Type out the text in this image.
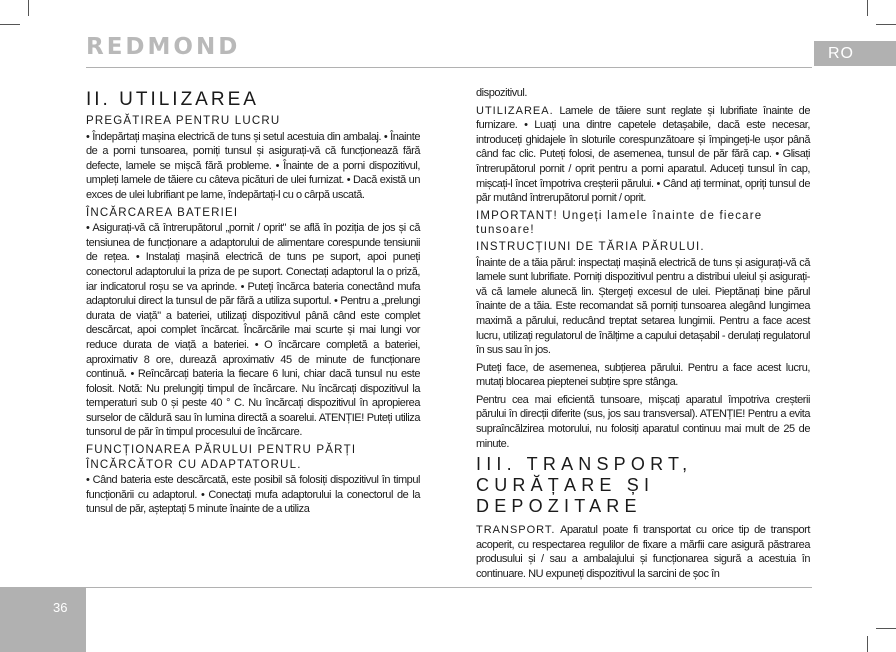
REDMOND	RO
II. UTILIZAREA
PREGĂTIREA PENTRU LUCRU

• Îndepărtați mașina electrică de tuns și setul acestuia din ambalaj. • Înainte de a porni tunsoarea, porniți tunsul și asigurați-vă că funcționează fără defecte, lamele se mișcă fără probleme. • Înainte de a porni dispozitivul, umpleți lamele de tăiere cu câteva picături de ulei furnizat. • Dacă există un exces de ulei lubrifiant pe lame, îndepărtați-l cu o cârpă uscată.

ÎNCĂRCAREA BATERIEI

• Asigurați-vă că întrerupătorul „pornit / oprit" se află în poziția de jos și că tensiunea de funcționare a adaptorului de alimentare corespunde tensiunii de rețea. • Instalați mașină electrică de tuns pe suport, apoi puneți conectorul adaptorului la priza de pe suport. Conectați adaptorul la o priză, iar indicatorul roșu se va aprinde. • Puteți încărca bateria conectând mufa adaptorului direct la tunsul de păr fără a utiliza suportul. • Pentru a „prelungi durata de viață" a bateriei, utilizați dispozitivul până când este complet descărcat, apoi complet încărcat. Încărcările mai scurte și mai lungi vor reduce durata de viață a bateriei. • O încărcare completă a bateriei, aproximativ 8 ore, durează aproximativ 45 de minute de funcționare continuă. • Reîncărcați bateria la fiecare 6 luni, chiar dacă tunsul nu este folosit. Notă: Nu prelungiți timpul de încărcare. Nu încărcați dispozitivul la temperaturi sub 0 și peste 40 ° C. Nu încărcați dispozitivul în apropierea surselor de căldură sau în lumina directă a soarelui. ATENȚIE! Puteți utiliza tunsorul de păr în timpul procesului de încărcare.

FUNCȚIONAREA PĂRULUI PENTRU PĂRȚI ÎNCĂRCĂTOR CU ADAPTATORUL.

• Când bateria este descărcată, este posibil să folosiți dispozitivul în timpul funcționării cu adaptorul. • Conectați mufa adaptorului la conectorul de la tunsul de păr, așteptați 5 minute înainte de a utiliza

dispozitivul.

UTILIZAREA. Lamele de tăiere sunt reglate și lubrifiate înainte de furnizare. • Luați una dintre capetele detașabile, dacă este necesar, introduceți ghidajele în sloturile corespunzătoare și împingeți-le ușor până când fac clic. Puteți folosi, de asemenea, tunsul de păr fără cap. • Glisați întrerupătorul pornit / oprit pentru a porni aparatul. Aduceți tunsul în cap, mișcați-l încet împotriva creșterii părului. • Când ați terminat, opriți tunsul de păr mutând întrerupătorul pornit / oprit.

IMPORTANT! Ungeți lamele înainte de fiecare tunsoare!
INSTRUCȚIUNI DE TĂRIA PĂRULUI.

Înainte de a tăia părul: inspectați mașină electrică de tuns și asigurați-vă că lamele sunt lubrifiate. Porniți dispozitivul pentru a distribui uleiul și asigurați-vă că lamele alunecă lin. Ștergeți excesul de ulei. Pieptănați bine părul înainte de a tăia. Este recomandat să porniți tunsoarea alegând lungimea maximă a părului, reducând treptat setarea lungimii. Pentru a face acest lucru, utilizați regulatorul de înălțime a capului detașabil - derulați regulatorul în sus sau în jos.

Puteți face, de asemenea, subțierea părului. Pentru a face acest lucru, mutați blocarea pieptenei subțire spre stânga.

Pentru cea mai eficientă tunsoare, mișcați aparatul împotriva creșterii părului în direcții diferite (sus, jos sau transversal). ATENȚIE! Pentru a evita supraîncălzirea motorului, nu folosiți aparatul continuu mai mult de 25 de minute.

III. TRANSPORT, CURĂȚARE ȘI DEPOZITARE

TRANSPORT. Aparatul poate fi transportat cu orice tip de transport acoperit, cu respectarea regulilor de fixare a mărfii care asigură păstrarea produsului și / sau a ambalajului și funcționarea sigură a acestuia în continuare. NU expuneți dispozitivul la sarcini de șoc în

36
